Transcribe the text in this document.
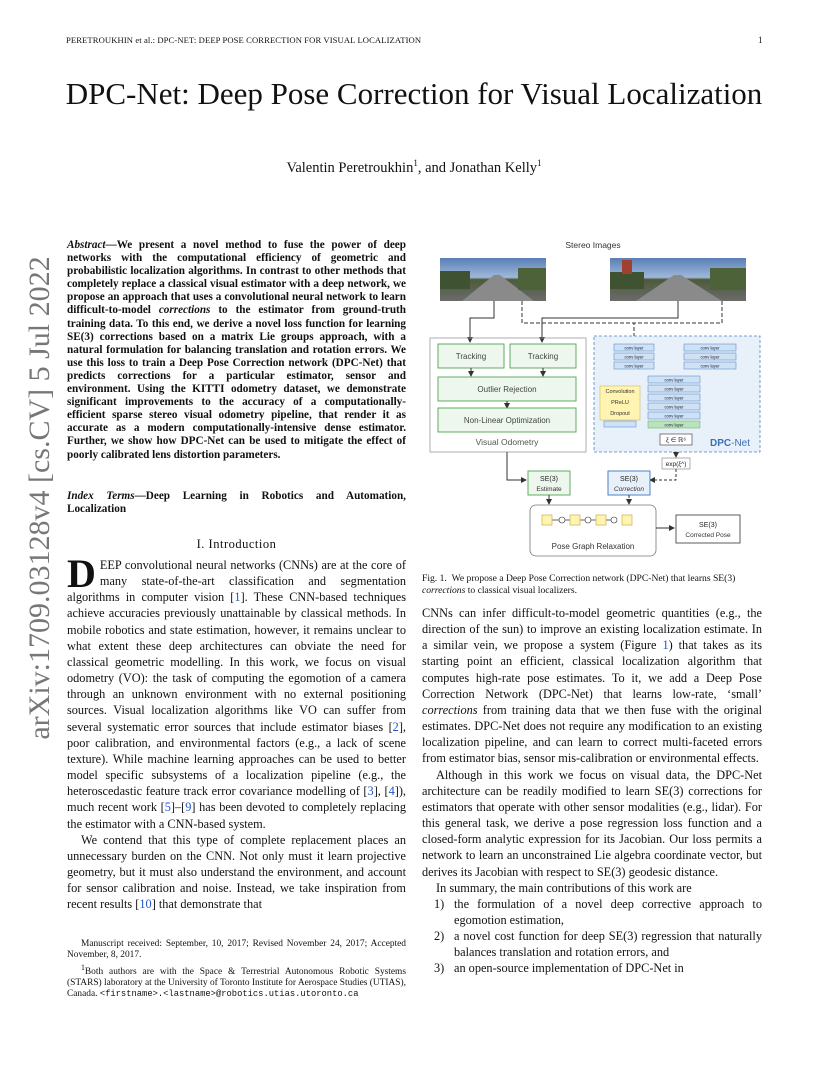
PERETROUKHIN et al.: DPC-NET: DEEP POSE CORRECTION FOR VISUAL LOCALIZATION	1
arXiv:1709.03128v4 [cs.CV] 5 Jul 2022
DPC-Net: Deep Pose Correction for Visual Localization
Valentin Peretroukhin$^1$, and Jonathan Kelly$^1$
Abstract—We present a novel method to fuse the power of deep networks with the computational efficiency of geometric and probabilistic localization algorithms. In contrast to other methods that completely replace a classical visual estimator with a deep network, we propose an approach that uses a convolutional neural network to learn difficult-to-model corrections to the estimator from ground-truth training data. To this end, we derive a novel loss function for learning SE(3) corrections based on a matrix Lie groups approach, with a natural formulation for balancing translation and rotation errors. We use this loss to train a Deep Pose Correction network (DPC-Net) that predicts corrections for a particular estimator, sensor and environment. Using the KITTI odometry dataset, we demonstrate significant improvements to the accuracy of a computationally-efficient sparse stereo visual odometry pipeline, that render it as accurate as a modern computationally-intensive dense estimator. Further, we show how DPC-Net can be used to mitigate the effect of poorly calibrated lens distortion parameters.
Index Terms—Deep Learning in Robotics and Automation, Localization
I. Introduction
DEEP convolutional neural networks (CNNs) are at the core of many state-of-the-art classification and segmentation algorithms in computer vision [1]. These CNN-based techniques achieve accuracies previously unattainable by classical methods. In mobile robotics and state estimation, however, it remains unclear to what extent these deep architectures can obviate the need for classical geometric modelling. In this work, we focus on visual odometry (VO): the task of computing the egomotion of a camera through an unknown environment with no external positioning sources. Visual localization algorithms like VO can suffer from several systematic error sources that include estimator biases [2], poor calibration, and environmental factors (e.g., a lack of scene texture). While machine learning approaches can be used to better model specific subsystems of a localization pipeline (e.g., the heteroscedastic feature track error covariance modelling of [3], [4]), much recent work [5]–[9] has been devoted to completely replacing the estimator with a CNN-based system.
We contend that this type of complete replacement places an unnecessary burden on the CNN. Not only must it learn projective geometry, but it must also understand the environment, and account for sensor calibration and noise. Instead, we take inspiration from recent results [10] that demonstrate that
Manuscript received: September, 10, 2017; Revised November 24, 2017; Accepted November, 8, 2017.
$^1$Both authors are with the Space & Terrestrial Autonomous Robotic Systems (STARS) laboratory at the University of Toronto Institute for Aerospace Studies (UTIAS), Canada. <firstname>.<lastname>@robotics.utias.utoronto.ca
Stereo Images
Tracking	Tracking
Outlier Rejection
Non-Linear Optimization
Visual Odometry
conv layer
conv layer
conv layer
conv layer
conv layer
conv layer
conv layer
conv layer
conv layer
conv layer
conv layer
conv layer
Convolution
PReLU
Dropout
ξ ∈ ℝ⁶ DPC-Net
exp(ξ^)
SE(3)
Estimate
SE(3)
Correction
Pose Graph Relaxation
SE(3)
Corrected Pose
Fig. 1. We propose a Deep Pose Correction network (DPC-Net) that learns SE(3) corrections to classical visual localizers.
CNNs can infer difficult-to-model geometric quantities (e.g., the direction of the sun) to improve an existing localization estimate. In a similar vein, we propose a system (Figure 1) that takes as its starting point an efficient, classical localization algorithm that computes high-rate pose estimates. To it, we add a Deep Pose Correction Network (DPC-Net) that learns low-rate, ‘small’ corrections from training data that we then fuse with the original estimates. DPC-Net does not require any modification to an existing localization pipeline, and can learn to correct multi-faceted errors from estimator bias, sensor mis-calibration or environmental effects.
Although in this work we focus on visual data, the DPC-Net architecture can be readily modified to learn SE(3) corrections for estimators that operate with other sensor modalities (e.g., lidar). For this general task, we derive a pose regression loss function and a closed-form analytic expression for its Jacobian. Our loss permits a network to learn an unconstrained Lie algebra coordinate vector, but derives its Jacobian with respect to SE(3) geodesic distance.
In summary, the main contributions of this work are
1) the formulation of a novel deep corrective approach to egomotion estimation,
2) a novel cost function for deep SE(3) regression that naturally balances translation and rotation errors, and
3) an open-source implementation of DPC-Net in
